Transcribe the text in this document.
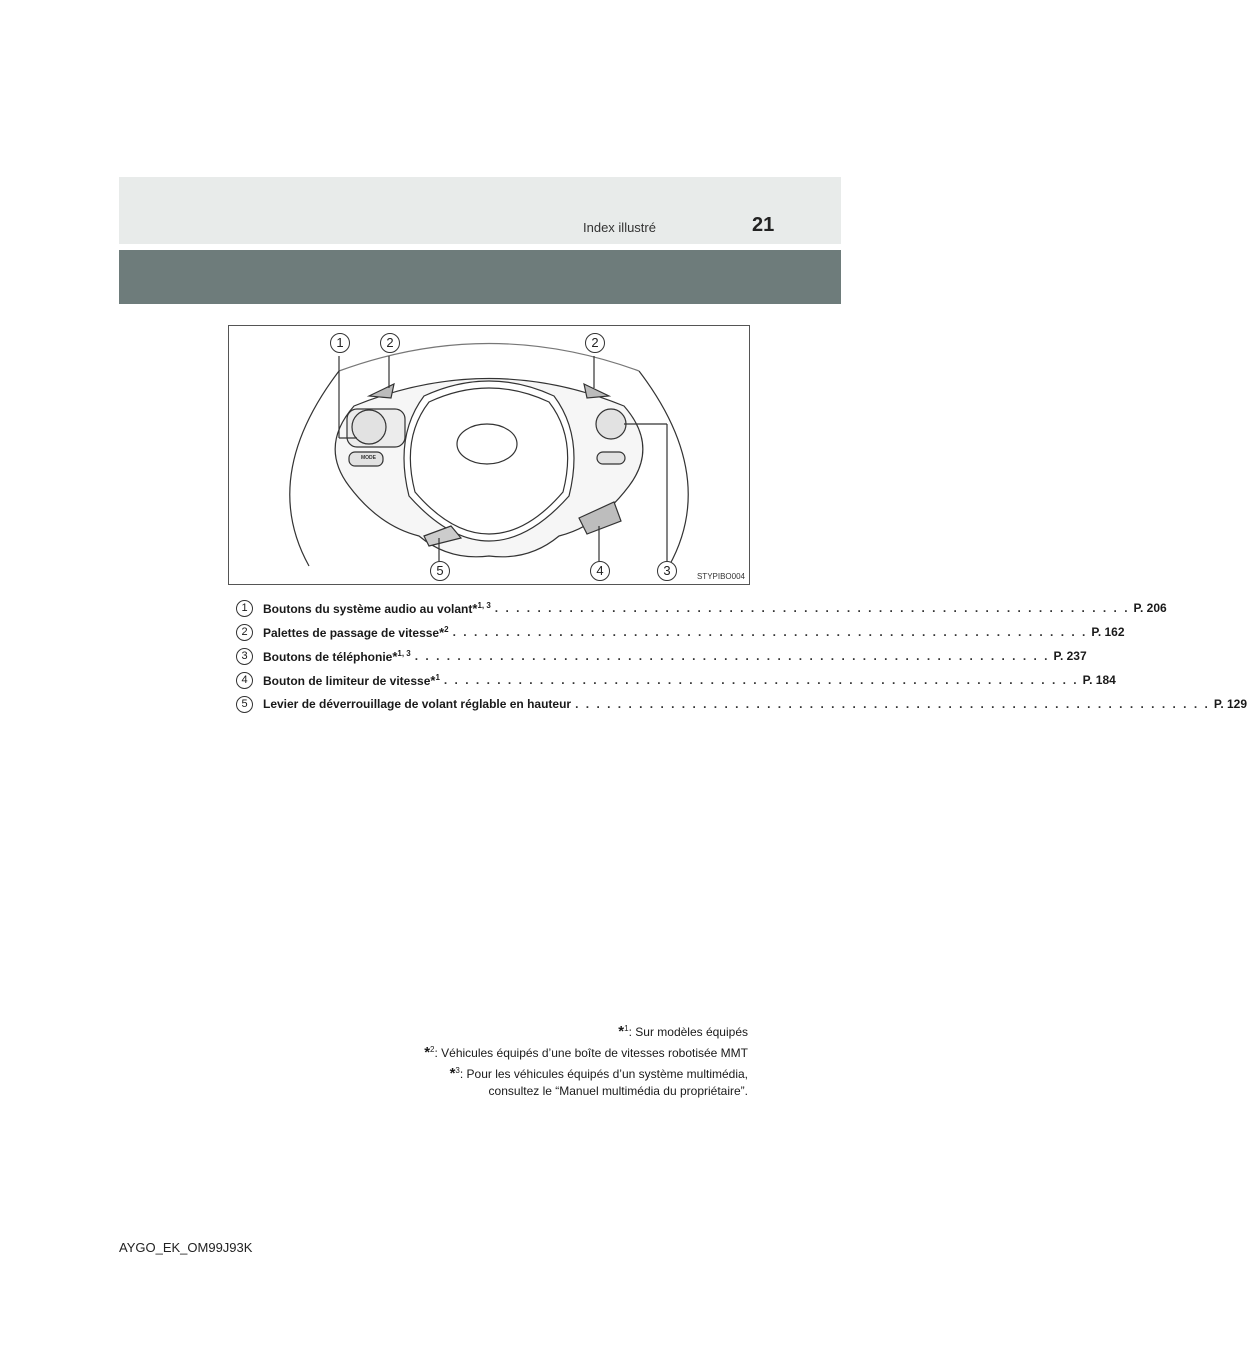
Index illustré	21
MODE
1	2	2
5	4	3	STYPIBO004
1	Boutons du système audio au volant*$^{1, 3}$ . . . . . . . . . . . . . . . . . . . . . . . . . . . . . . . . . . . . . . . . . . . . . . . . . . . . . . . . . . . . P. 206
2	Palettes de passage de vitesse*$^2$ . . . . . . . . . . . . . . . . . . . . . . . . . . . . . . . . . . . . . . . . . . . . . . . . . . . . . . . . . . . . P. 162
3	Boutons de téléphonie*$^{1, 3}$ . . . . . . . . . . . . . . . . . . . . . . . . . . . . . . . . . . . . . . . . . . . . . . . . . . . . . . . . . . . . P. 237
4	Bouton de limiteur de vitesse*$^1$ . . . . . . . . . . . . . . . . . . . . . . . . . . . . . . . . . . . . . . . . . . . . . . . . . . . . . . . . . . . . P. 184
5	Levier de déverrouillage de volant réglable en hauteur . . . . . . . . . . . . . . . . . . . . . . . . . . . . . . . . . . . . . . . . . . . . . . . . . . . . . . . . . . . . P. 129
*$^1$: Sur modèles équipés
*$^2$: Véhicules équipés d’une boîte de vitesses robotisée MMT
*$^3$: Pour les véhicules équipés d’un système multimédia,
consultez le “Manuel multimédia du propriétaire”.
AYGO_EK_OM99J93K
